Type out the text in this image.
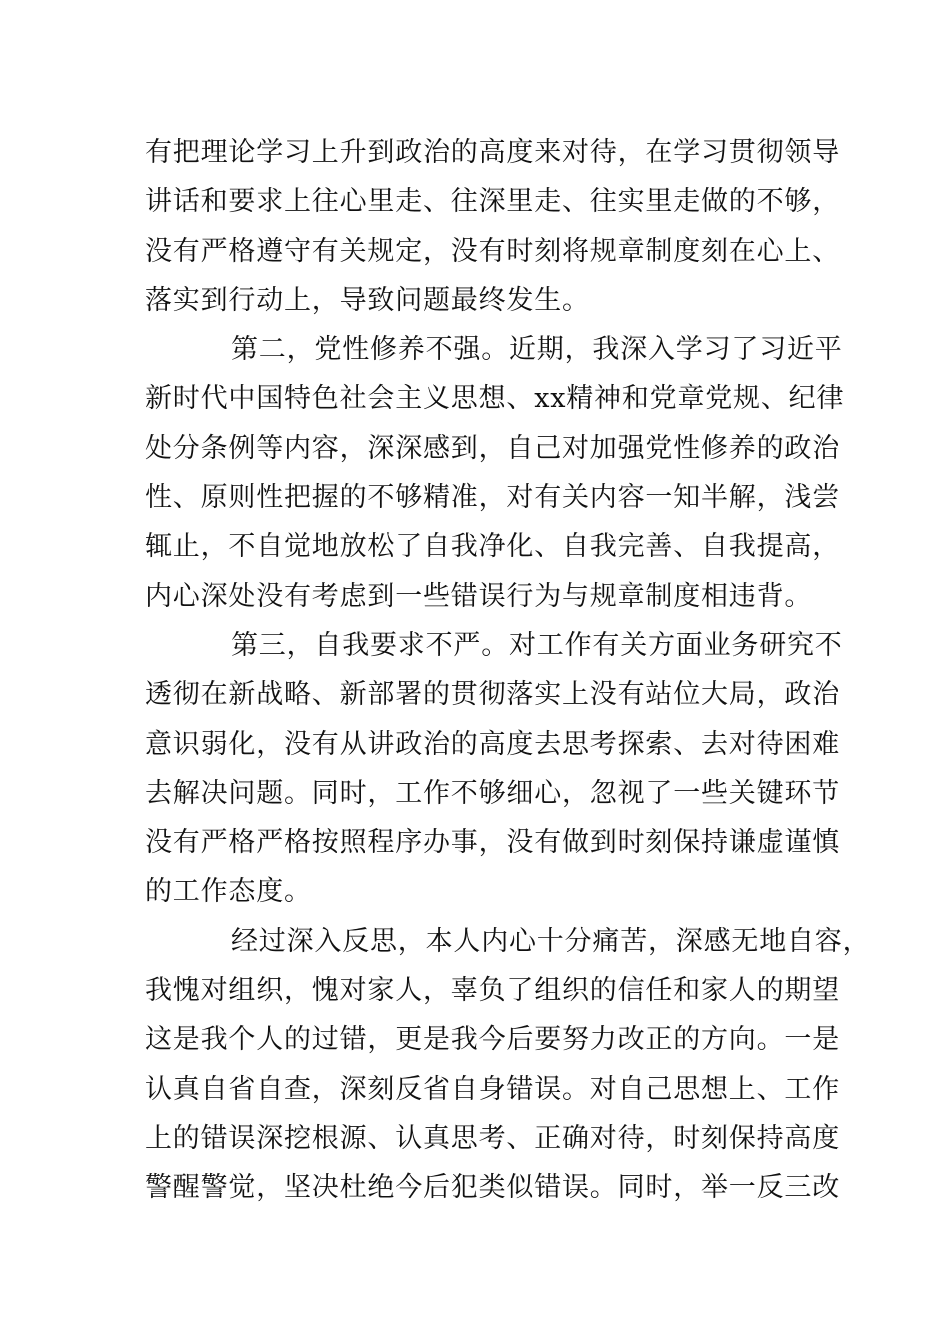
有把理论学习上升到政治的高度来对待，在学习贯彻领导
讲话和要求上往心里走、往深里走、往实里走做的不够，
没有严格遵守有关规定，没有时刻将规章制度刻在心上、
落实到行动上，导致问题最终发生。
第二，党性修养不强。近期，我深入学习了习近平
新时代中国特色社会主义思想、xx精神和党章党规、纪律
处分条例等内容，深深感到，自己对加强党性修养的政治
性、原则性把握的不够精准，对有关内容一知半解，浅尝
辄止，不自觉地放松了自我净化、自我完善、自我提高，
内心深处没有考虑到一些错误行为与规章制度相违背。
第三，自我要求不严。对工作有关方面业务研究不
透彻在新战略、新部署的贯彻落实上没有站位大局，政治
意识弱化，没有从讲政治的高度去思考探索、去对待困难
去解决问题。同时，工作不够细心，忽视了一些关键环节
没有严格严格按照程序办事，没有做到时刻保持谦虚谨慎
的工作态度。
经过深入反思，本人内心十分痛苦，深感无地自容，
我愧对组织，愧对家人，辜负了组织的信任和家人的期望
这是我个人的过错，更是我今后要努力改正的方向。一是
认真自省自查，深刻反省自身错误。对自己思想上、工作
上的错误深挖根源、认真思考、正确对待，时刻保持高度
警醒警觉，坚决杜绝今后犯类似错误。同时，举一反三改
